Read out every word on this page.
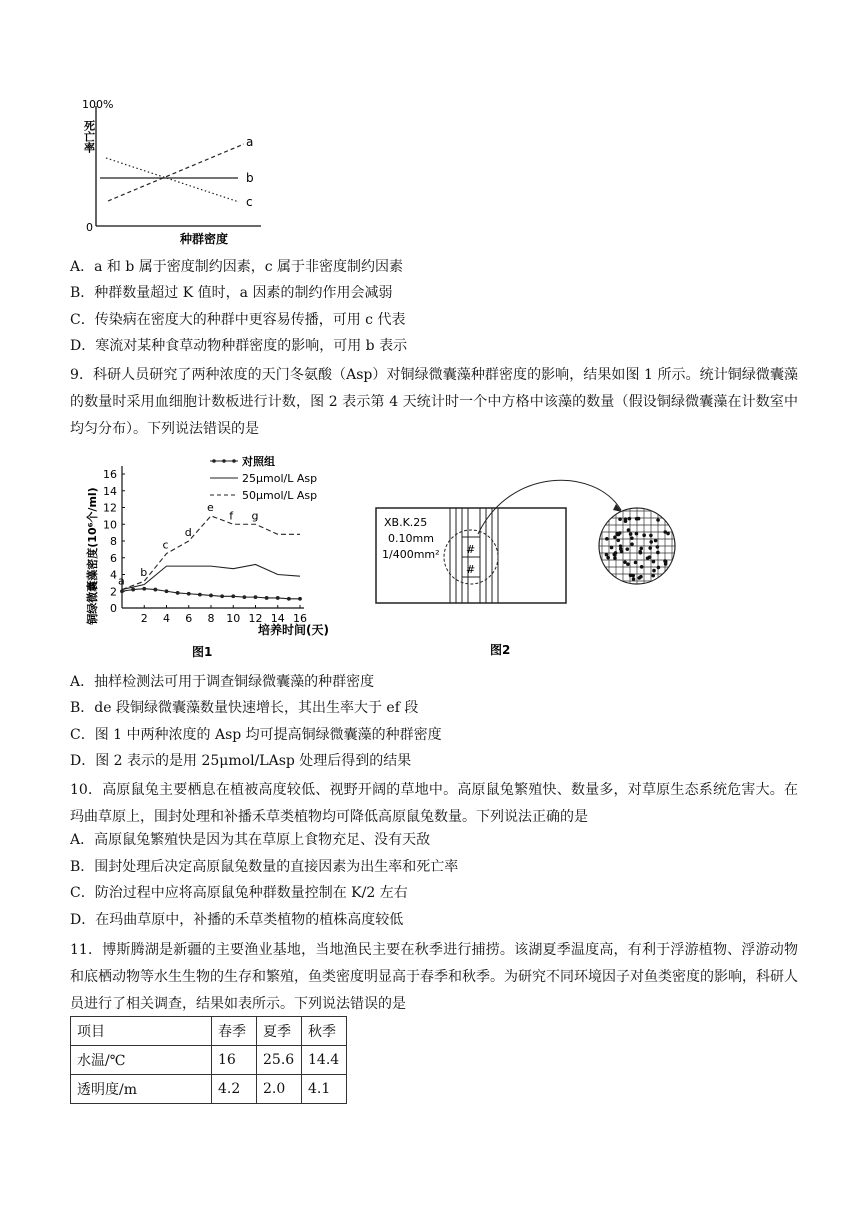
100%
0
种群密度
死亡率	a
b
c
A．a 和 b 属于密度制约因素，c 属于非密度制约因素
B．种群数量超过 K 值时，a 因素的制约作用会减弱
C．传染病在密度大的种群中更容易传播，可用 c 代表
D．寒流对某种食草动物种群密度的影响，可用 b 表示
9．科研人员研究了两种浓度的天门冬氨酸（Asp）对铜绿微囊藻种群密度的影响，结果如图 1 所示。统计铜绿微囊藻的数量时采用血细胞计数板进行计数，图 2 表示第 4 天统计时一个中方格中该藻的数量（假设铜绿微囊藻在计数室中均匀分布）。下列说法错误的是
0
2
4
6
8
10
12
14
16
2 4 6 8 10 12 14 16
a
b
c
d
e
f g
铜绿微囊藻密度(10⁶个/ml)
培养时间(天)
图1
对照组
25μmol/L Asp
50μmol/L Asp
XB.K.25
0.10mm
1/400mm² #
#
图2
A．抽样检测法可用于调查铜绿微囊藻的种群密度
B．de 段铜绿微囊藻数量快速增长，其出生率大于 ef 段
C．图 1 中两种浓度的 Asp 均可提高铜绿微囊藻的种群密度
D．图 2 表示的是用 25μmol/LAsp 处理后得到的结果
10．高原鼠兔主要栖息在植被高度较低、视野开阔的草地中。高原鼠兔繁殖快、数量多，对草原生态系统危害大。在玛曲草原上，围封处理和补播禾草类植物均可降低高原鼠兔数量。下列说法正确的是
A．高原鼠兔繁殖快是因为其在草原上食物充足、没有天敌
B．围封处理后决定高原鼠兔数量的直接因素为出生率和死亡率
C．防治过程中应将高原鼠兔种群数量控制在 K/2 左右
D．在玛曲草原中，补播的禾草类植物的植株高度较低
11．博斯腾湖是新疆的主要渔业基地，当地渔民主要在秋季进行捕捞。该湖夏季温度高，有利于浮游植物、浮游动物和底栖动物等水生生物的生存和繁殖，鱼类密度明显高于春季和秋季。为研究不同环境因子对鱼类密度的影响，科研人员进行了相关调查，结果如表所示。下列说法错误的是
项目	春季	夏季	秋季
水温/℃	16	25.6	14.4
透明度/m	4.2	2.0	4.1
